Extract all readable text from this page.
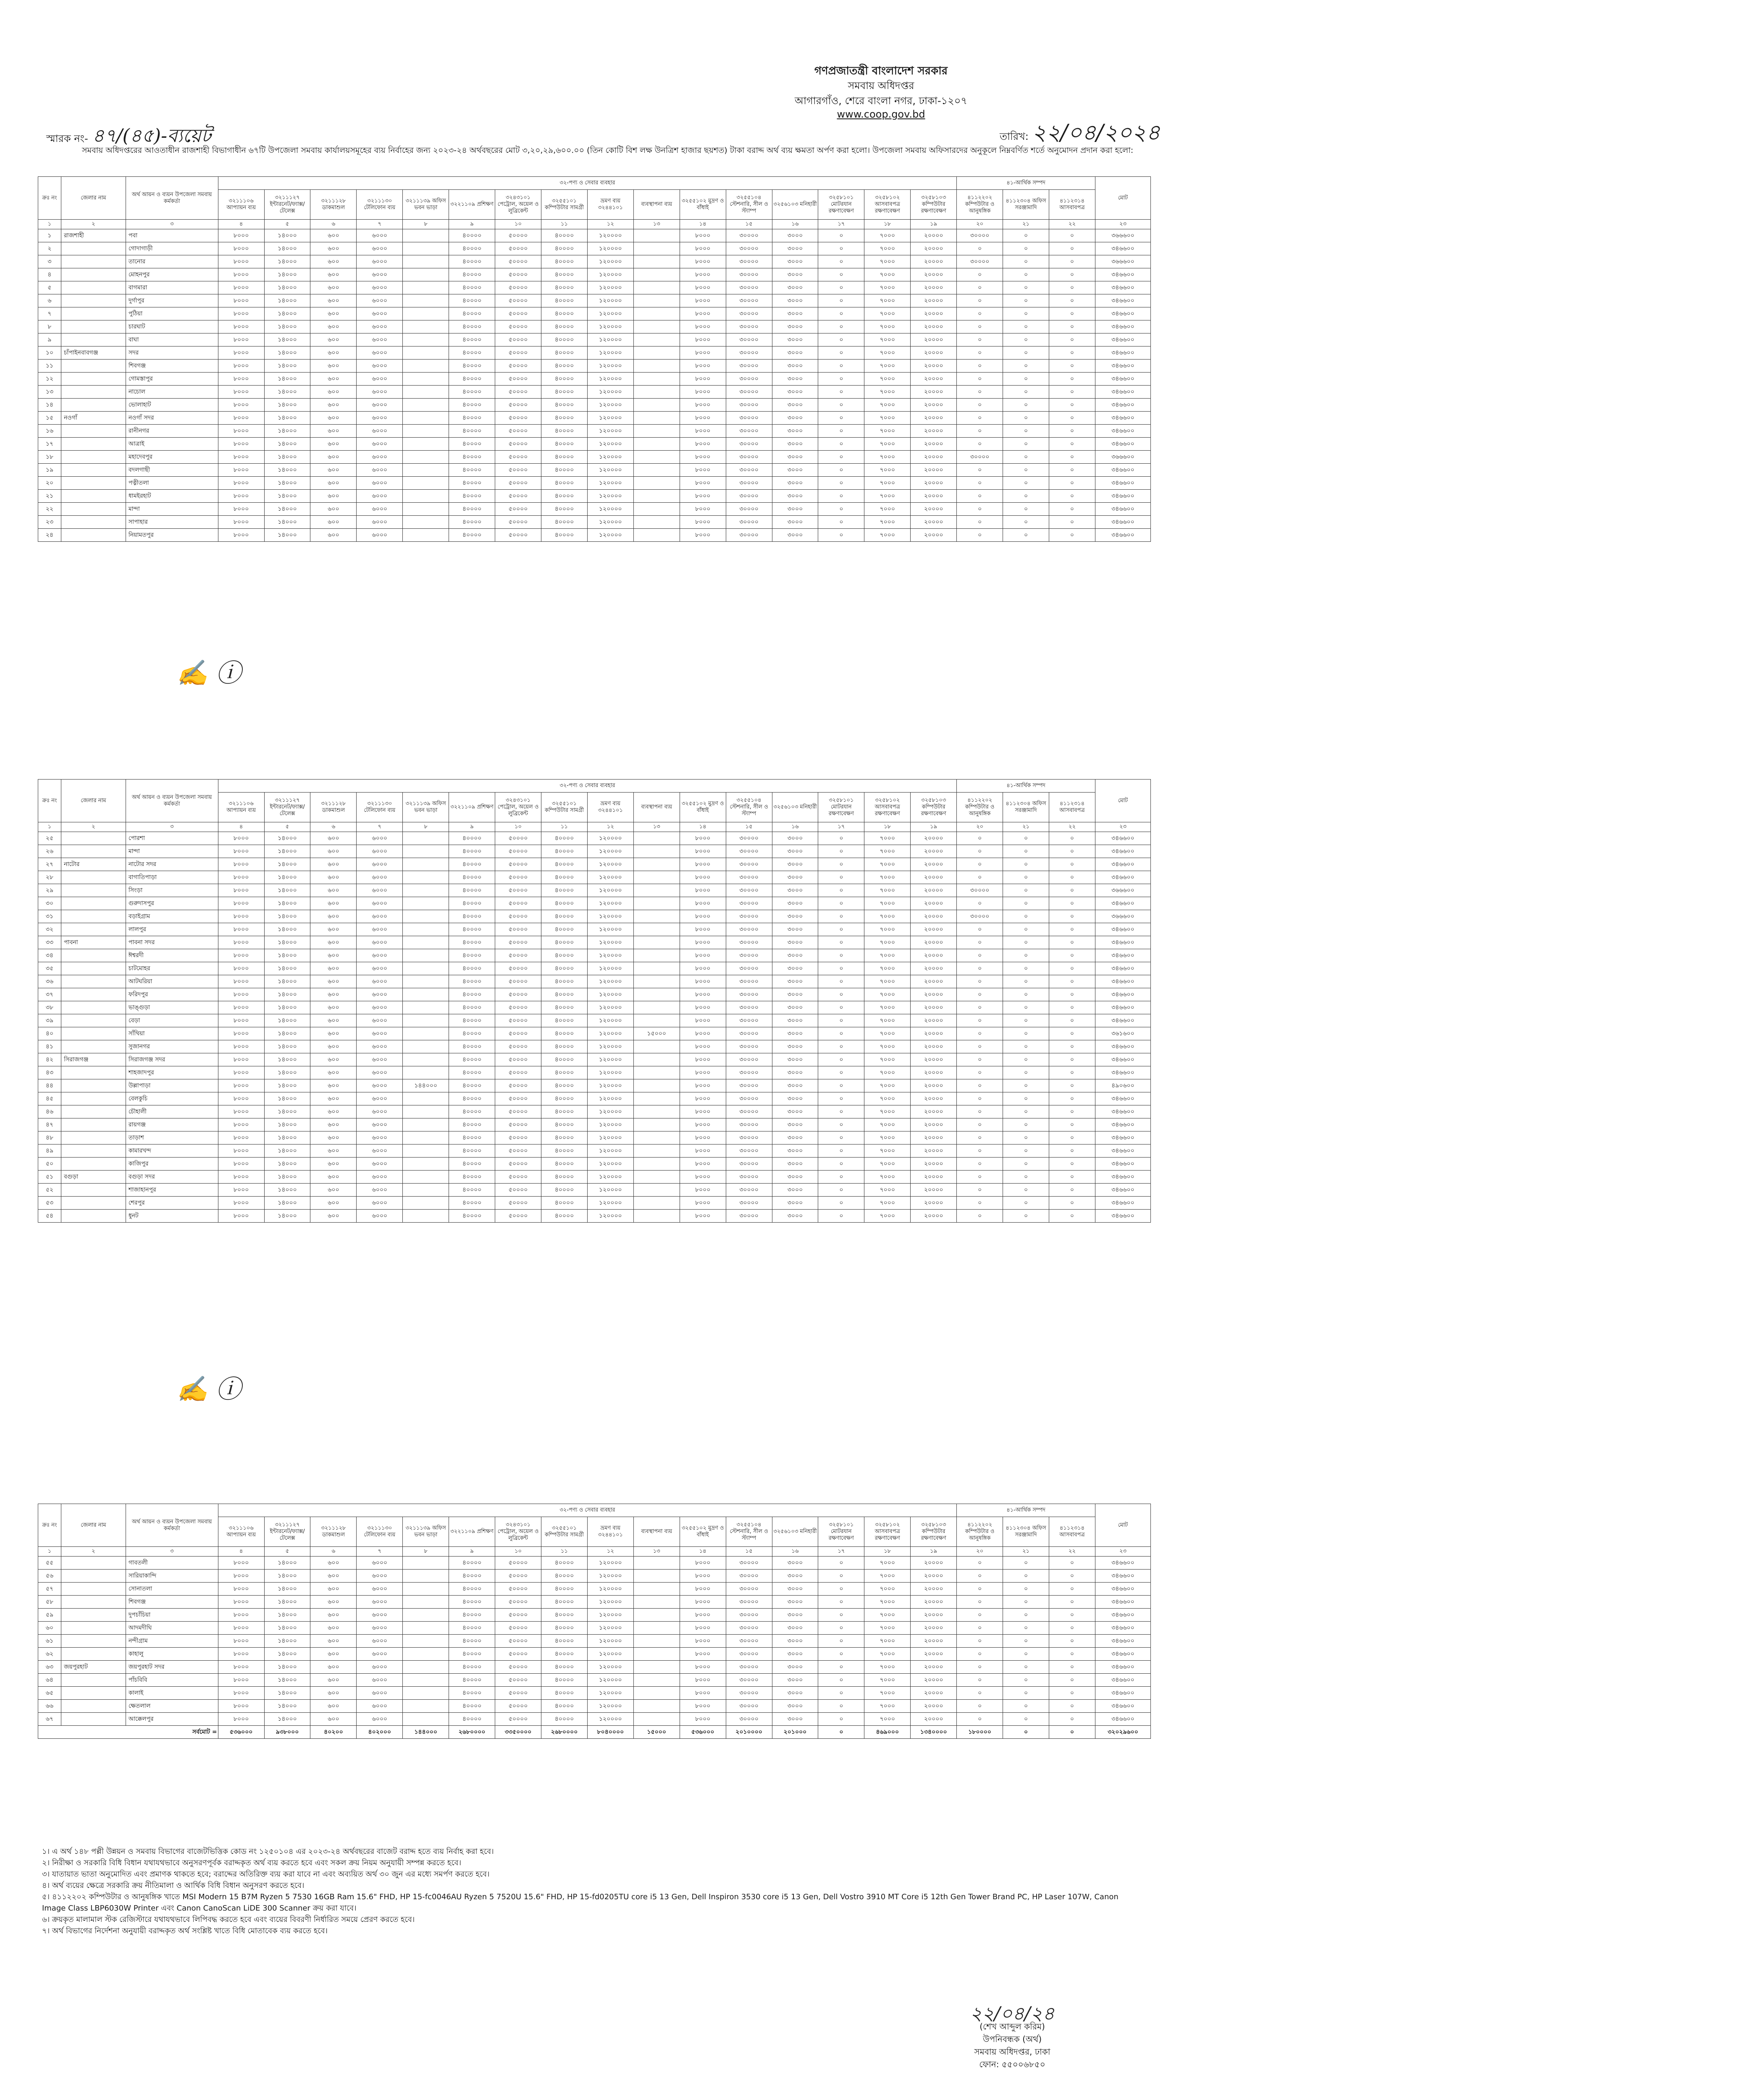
গণপ্রজাতন্ত্রী বাংলাদেশ সরকার
সমবায় অধিদপ্তর
আগারগাঁও, শেরে বাংলা নগর, ঢাকা-১২০৭
www.coop.gov.bd
স্মারক নং- ৪৭/(৪৫)-ব্যয়েট	তারিখ: ২২/০৪/২০২৪
সমবায় অধিদপ্তরের আওতাধীন রাজশাহী বিভাগাধীন ৬৭টি উপজেলা সমবায় কার্যালয়সমূহের ব্যয় নির্বাহের জন্য ২০২৩-২৪ অর্থবছরের মোট ৩,২০,২৯,৬০০.০০ (তিন কোটি বিশ লক্ষ উনত্রিশ হাজার ছয়শত) টাকা বরাদ্দ অর্থ ব্যয় ক্ষমতা অর্পণ করা হলো। উপজেলা সমবায় অফিসারদের অনুকূলে নিম্নবর্ণিত শর্তে অনুমোদন প্রদান করা হলো:
ক্রঃ নং	জেলার নাম	অর্থ আয়ন ও ব্যয়ন উপজেলা সমবায় কর্মকর্তা	৩২-পণ্য ও সেবার ব্যবহার																৪১-আর্থিক সম্পদ			মোট
			৩২১১১০৬ আপ্যায়ন ব্যয়	৩২১১১২৭ ইন্টারনেট/ফ্যাক্স/টেলেক্স	৩২১১১২৮ ডাকমাশুল	৩২১১১৩০ টেলিফোন ব্যয়	৩২১১১৩৯ অফিস ভবন ভাড়া	৩২২১১০৯ প্রশিক্ষণ	৩২৪৩১০১ পেট্রোল, অয়েল ও লুব্রিকেন্ট	৩২৫৫১০১ কম্পিউটার সামগ্রী	ভ্রমণ ব্যয় ৩২৪৪১০১	ব্যবস্থাপনা ব্যয়	৩২৫৫১০২ মুদ্রণ ও বাঁধাই	৩২৫৫১০৪ স্টেশনারি, সীল ও স্ট্যাম্প	৩২৫৬১০৩ মনিহারী	৩২৫৮১০১ মোটরযান রক্ষণাবেক্ষণ	৩২৫৮১০২ আসবাবপত্র রক্ষণাবেক্ষণ	৩২৫৮১০৩ কম্পিউটার রক্ষণাবেক্ষণ	৪১১২২০২ কম্পিউটার ও আনুষঙ্গিক	৪১১২৩০৪ অফিস সরঞ্জামাদি	৪১১২৩১৪ আসবাবপত্র	
১	২	৩	৪	৫	৬	৭	৮	৯	১০	১১	১২	১৩	১৪	১৫	১৬	১৭	১৮	১৯	২০	২১	২২	২৩
১	রাজশাহী	পবা	৮০০০	১৪০০০	৬০০	৬০০০		৪০০০০	৫০০০০	৪০০০০	১২০০০০		৮০০০	৩০০০০	৩০০০	০	৭০০০	২০০০০	৩০০০০	০	০	৩৬৬৬০০
২		গোদাগাড়ী	৮০০০	১৪০০০	৬০০	৬০০০		৪০০০০	৫০০০০	৪০০০০	১২০০০০		৮০০০	৩০০০০	৩০০০	০	৭০০০	২০০০০	০	০	০	৩৪৬৬০০
৩		তানোর	৮০০০	১৪০০০	৬০০	৬০০০		৪০০০০	৫০০০০	৪০০০০	১২০০০০		৮০০০	৩০০০০	৩০০০	০	৭০০০	২০০০০	৩০০০০	০	০	৩৬৬৬০০
৪		মোহনপুর	৮০০০	১৪০০০	৬০০	৬০০০		৪০০০০	৫০০০০	৪০০০০	১২০০০০		৮০০০	৩০০০০	৩০০০	০	৭০০০	২০০০০	০	০	০	৩৪৬৬০০
৫		বাগমারা	৮০০০	১৪০০০	৬০০	৬০০০		৪০০০০	৫০০০০	৪০০০০	১২০০০০		৮০০০	৩০০০০	৩০০০	০	৭০০০	২০০০০	০	০	০	৩৪৬৬০০
৬		দুর্গাপুর	৮০০০	১৪০০০	৬০০	৬০০০		৪০০০০	৫০০০০	৪০০০০	১২০০০০		৮০০০	৩০০০০	৩০০০	০	৭০০০	২০০০০	০	০	০	৩৪৬৬০০
৭		পুঠিয়া	৮০০০	১৪০০০	৬০০	৬০০০		৪০০০০	৫০০০০	৪০০০০	১২০০০০		৮০০০	৩০০০০	৩০০০	০	৭০০০	২০০০০	০	০	০	৩৪৬৬০০
৮		চারঘাট	৮০০০	১৪০০০	৬০০	৬০০০		৪০০০০	৫০০০০	৪০০০০	১২০০০০		৮০০০	৩০০০০	৩০০০	০	৭০০০	২০০০০	০	০	০	৩৪৬৬০০
৯		বাঘা	৮০০০	১৪০০০	৬০০	৬০০০		৪০০০০	৫০০০০	৪০০০০	১২০০০০		৮০০০	৩০০০০	৩০০০	০	৭০০০	২০০০০	০	০	০	৩৪৬৬০০
১০	চাঁপাইনবাবগঞ্জ	সদর	৮০০০	১৪০০০	৬০০	৬০০০		৪০০০০	৫০০০০	৪০০০০	১২০০০০		৮০০০	৩০০০০	৩০০০	০	৭০০০	২০০০০	০	০	০	৩৪৬৬০০
১১		শিবগঞ্জ	৮০০০	১৪০০০	৬০০	৬০০০		৪০০০০	৫০০০০	৪০০০০	১২০০০০		৮০০০	৩০০০০	৩০০০	০	৭০০০	২০০০০	০	০	০	৩৪৬৬০০
১২		গোমস্তাপুর	৮০০০	১৪০০০	৬০০	৬০০০		৪০০০০	৫০০০০	৪০০০০	১২০০০০		৮০০০	৩০০০০	৩০০০	০	৭০০০	২০০০০	০	০	০	৩৪৬৬০০
১৩		নাচোল	৮০০০	১৪০০০	৬০০	৬০০০		৪০০০০	৫০০০০	৪০০০০	১২০০০০		৮০০০	৩০০০০	৩০০০	০	৭০০০	২০০০০	০	০	০	৩৪৬৬০০
১৪		ভোলাহাট	৮০০০	১৪০০০	৬০০	৬০০০		৪০০০০	৫০০০০	৪০০০০	১২০০০০		৮০০০	৩০০০০	৩০০০	০	৭০০০	২০০০০	০	০	০	৩৪৬৬০০
১৫	নওগাঁ	নওগাঁ সদর	৮০০০	১৪০০০	৬০০	৬০০০		৪০০০০	৫০০০০	৪০০০০	১২০০০০		৮০০০	৩০০০০	৩০০০	০	৭০০০	২০০০০	০	০	০	৩৪৬৬০০
১৬		রানীনগর	৮০০০	১৪০০০	৬০০	৬০০০		৪০০০০	৫০০০০	৪০০০০	১২০০০০		৮০০০	৩০০০০	৩০০০	০	৭০০০	২০০০০	০	০	০	৩৪৬৬০০
১৭		আত্রাই	৮০০০	১৪০০০	৬০০	৬০০০		৪০০০০	৫০০০০	৪০০০০	১২০০০০		৮০০০	৩০০০০	৩০০০	০	৭০০০	২০০০০	০	০	০	৩৪৬৬০০
১৮		মহাদেবপুর	৮০০০	১৪০০০	৬০০	৬০০০		৪০০০০	৫০০০০	৪০০০০	১২০০০০		৮০০০	৩০০০০	৩০০০	০	৭০০০	২০০০০	৩০০০০	০	০	৩৬৬৬০০
১৯		বদলগাছী	৮০০০	১৪০০০	৬০০	৬০০০		৪০০০০	৫০০০০	৪০০০০	১২০০০০		৮০০০	৩০০০০	৩০০০	০	৭০০০	২০০০০	০	০	০	৩৪৬৬০০
২০		পত্নীতলা	৮০০০	১৪০০০	৬০০	৬০০০		৪০০০০	৫০০০০	৪০০০০	১২০০০০		৮০০০	৩০০০০	৩০০০	০	৭০০০	২০০০০	০	০	০	৩৪৬৬০০
২১		ধামইরহাট	৮০০০	১৪০০০	৬০০	৬০০০		৪০০০০	৫০০০০	৪০০০০	১২০০০০		৮০০০	৩০০০০	৩০০০	০	৭০০০	২০০০০	০	০	০	৩৪৬৬০০
২২		মান্দা	৮০০০	১৪০০০	৬০০	৬০০০		৪০০০০	৫০০০০	৪০০০০	১২০০০০		৮০০০	৩০০০০	৩০০০	০	৭০০০	২০০০০	০	০	০	৩৪৬৬০০
২৩		সাপাহার	৮০০০	১৪০০০	৬০০	৬০০০		৪০০০০	৫০০০০	৪০০০০	১২০০০০		৮০০০	৩০০০০	৩০০০	০	৭০০০	২০০০০	০	০	০	৩৪৬৬০০
২৪		নিয়ামতপুর	৮০০০	১৪০০০	৬০০	৬০০০		৪০০০০	৫০০০০	৪০০০০	১২০০০০		৮০০০	৩০০০০	৩০০০	০	৭০০০	২০০০০	০	০	০	৩৪৬৬০০
✍ ⓘ
ক্রঃ নং	জেলার নাম	অর্থ আয়ন ও ব্যয়ন উপজেলা সমবায় কর্মকর্তা	৩২-পণ্য ও সেবার ব্যবহার																৪১-আর্থিক সম্পদ			মোট
			৩২১১১০৬ আপ্যায়ন ব্যয়	৩২১১১২৭ ইন্টারনেট/ফ্যাক্স/টেলেক্স	৩২১১১২৮ ডাকমাশুল	৩২১১১৩০ টেলিফোন ব্যয়	৩২১১১৩৯ অফিস ভবন ভাড়া	৩২২১১০৯ প্রশিক্ষণ	৩২৪৩১০১ পেট্রোল, অয়েল ও লুব্রিকেন্ট	৩২৫৫১০১ কম্পিউটার সামগ্রী	ভ্রমণ ব্যয় ৩২৪৪১০১	ব্যবস্থাপনা ব্যয়	৩২৫৫১০২ মুদ্রণ ও বাঁধাই	৩২৫৫১০৪ স্টেশনারি, সীল ও স্ট্যাম্প	৩২৫৬১০৩ মনিহারী	৩২৫৮১০১ মোটরযান রক্ষণাবেক্ষণ	৩২৫৮১০২ আসবাবপত্র রক্ষণাবেক্ষণ	৩২৫৮১০৩ কম্পিউটার রক্ষণাবেক্ষণ	৪১১২২০২ কম্পিউটার ও আনুষঙ্গিক	৪১১২৩০৪ অফিস সরঞ্জামাদি	৪১১২৩১৪ আসবাবপত্র	
১	২	৩	৪	৫	৬	৭	৮	৯	১০	১১	১২	১৩	১৪	১৫	১৬	১৭	১৮	১৯	২০	২১	২২	২৩
২৫		পোরশা	৮০০০	১৪০০০	৬০০	৬০০০		৪০০০০	৫০০০০	৪০০০০	১২০০০০		৮০০০	৩০০০০	৩০০০	০	৭০০০	২০০০০	০	০	০	৩৪৬৬০০
২৬		মান্দা	৮০০০	১৪০০০	৬০০	৬০০০		৪০০০০	৫০০০০	৪০০০০	১২০০০০		৮০০০	৩০০০০	৩০০০	০	৭০০০	২০০০০	০	০	০	৩৪৬৬০০
২৭	নাটোর	নাটোর সদর	৮০০০	১৪০০০	৬০০	৬০০০		৪০০০০	৫০০০০	৪০০০০	১২০০০০		৮০০০	৩০০০০	৩০০০	০	৭০০০	২০০০০	০	০	০	৩৪৬৬০০
২৮		বাগাতিপাড়া	৮০০০	১৪০০০	৬০০	৬০০০		৪০০০০	৫০০০০	৪০০০০	১২০০০০		৮০০০	৩০০০০	৩০০০	০	৭০০০	২০০০০	০	০	০	৩৪৬৬০০
২৯		সিংড়া	৮০০০	১৪০০০	৬০০	৬০০০		৪০০০০	৫০০০০	৪০০০০	১২০০০০		৮০০০	৩০০০০	৩০০০	০	৭০০০	২০০০০	৩০০০০	০	০	৩৬৬৬০০
৩০		গুরুদাসপুর	৮০০০	১৪০০০	৬০০	৬০০০		৪০০০০	৫০০০০	৪০০০০	১২০০০০		৮০০০	৩০০০০	৩০০০	০	৭০০০	২০০০০	০	০	০	৩৪৬৬০০
৩১		বড়াইগ্রাম	৮০০০	১৪০০০	৬০০	৬০০০		৪০০০০	৫০০০০	৪০০০০	১২০০০০		৮০০০	৩০০০০	৩০০০	০	৭০০০	২০০০০	৩০০০০	০	০	৩৬৬৬০০
৩২		লালপুর	৮০০০	১৪০০০	৬০০	৬০০০		৪০০০০	৫০০০০	৪০০০০	১২০০০০		৮০০০	৩০০০০	৩০০০	০	৭০০০	২০০০০	০	০	০	৩৪৬৬০০
৩৩	পাবনা	পাবনা সদর	৮০০০	১৪০০০	৬০০	৬০০০		৪০০০০	৫০০০০	৪০০০০	১২০০০০		৮০০০	৩০০০০	৩০০০	০	৭০০০	২০০০০	০	০	০	৩৪৬৬০০
৩৪		ঈশ্বরদী	৮০০০	১৪০০০	৬০০	৬০০০		৪০০০০	৫০০০০	৪০০০০	১২০০০০		৮০০০	৩০০০০	৩০০০	০	৭০০০	২০০০০	০	০	০	৩৪৬৬০০
৩৫		চাটমোহর	৮০০০	১৪০০০	৬০০	৬০০০		৪০০০০	৫০০০০	৪০০০০	১২০০০০		৮০০০	৩০০০০	৩০০০	০	৭০০০	২০০০০	০	০	০	৩৪৬৬০০
৩৬		আটঘরিয়া	৮০০০	১৪০০০	৬০০	৬০০০		৪০০০০	৫০০০০	৪০০০০	১২০০০০		৮০০০	৩০০০০	৩০০০	০	৭০০০	২০০০০	০	০	০	৩৪৬৬০০
৩৭		ফরিদপুর	৮০০০	১৪০০০	৬০০	৬০০০		৪০০০০	৫০০০০	৪০০০০	১২০০০০		৮০০০	৩০০০০	৩০০০	০	৭০০০	২০০০০	০	০	০	৩৪৬৬০০
৩৮		ভাঙ্গুড়া	৮০০০	১৪০০০	৬০০	৬০০০		৪০০০০	৫০০০০	৪০০০০	১২০০০০		৮০০০	৩০০০০	৩০০০	০	৭০০০	২০০০০	০	০	০	৩৪৬৬০০
৩৯		বেড়া	৮০০০	১৪০০০	৬০০	৬০০০		৪০০০০	৫০০০০	৪০০০০	১২০০০০		৮০০০	৩০০০০	৩০০০	০	৭০০০	২০০০০	০	০	০	৩৪৬৬০০
৪০		সাঁথিয়া	৮০০০	১৪০০০	৬০০	৬০০০		৪০০০০	৫০০০০	৪০০০০	১২০০০০	১৫০০০	৮০০০	৩০০০০	৩০০০	০	৭০০০	২০০০০	০	০	০	৩৬১৬০০
৪১		সুজানগর	৮০০০	১৪০০০	৬০০	৬০০০		৪০০০০	৫০০০০	৪০০০০	১২০০০০		৮০০০	৩০০০০	৩০০০	০	৭০০০	২০০০০	০	০	০	৩৪৬৬০০
৪২	সিরাজগঞ্জ	সিরাজগঞ্জ সদর	৮০০০	১৪০০০	৬০০	৬০০০		৪০০০০	৫০০০০	৪০০০০	১২০০০০		৮০০০	৩০০০০	৩০০০	০	৭০০০	২০০০০	০	০	০	৩৪৬৬০০
৪৩		শাহজাদপুর	৮০০০	১৪০০০	৬০০	৬০০০		৪০০০০	৫০০০০	৪০০০০	১২০০০০		৮০০০	৩০০০০	৩০০০	০	৭০০০	২০০০০	০	০	০	৩৪৬৬০০
৪৪		উল্লাপাড়া	৮০০০	১৪০০০	৬০০	৬০০০	১৪৪০০০	৪০০০০	৫০০০০	৪০০০০	১২০০০০		৮০০০	৩০০০০	৩০০০	০	৭০০০	২০০০০	০	০	০	৪৯০৬০০
৪৫		বেলকুচি	৮০০০	১৪০০০	৬০০	৬০০০		৪০০০০	৫০০০০	৪০০০০	১২০০০০		৮০০০	৩০০০০	৩০০০	০	৭০০০	২০০০০	০	০	০	৩৪৬৬০০
৪৬		চৌহালী	৮০০০	১৪০০০	৬০০	৬০০০		৪০০০০	৫০০০০	৪০০০০	১২০০০০		৮০০০	৩০০০০	৩০০০	০	৭০০০	২০০০০	০	০	০	৩৪৬৬০০
৪৭		রায়গঞ্জ	৮০০০	১৪০০০	৬০০	৬০০০		৪০০০০	৫০০০০	৪০০০০	১২০০০০		৮০০০	৩০০০০	৩০০০	০	৭০০০	২০০০০	০	০	০	৩৪৬৬০০
৪৮		তাড়াশ	৮০০০	১৪০০০	৬০০	৬০০০		৪০০০০	৫০০০০	৪০০০০	১২০০০০		৮০০০	৩০০০০	৩০০০	০	৭০০০	২০০০০	০	০	০	৩৪৬৬০০
৪৯		কামারখন্দ	৮০০০	১৪০০০	৬০০	৬০০০		৪০০০০	৫০০০০	৪০০০০	১২০০০০		৮০০০	৩০০০০	৩০০০	০	৭০০০	২০০০০	০	০	০	৩৪৬৬০০
৫০		কাজিপুর	৮০০০	১৪০০০	৬০০	৬০০০		৪০০০০	৫০০০০	৪০০০০	১২০০০০		৮০০০	৩০০০০	৩০০০	০	৭০০০	২০০০০	০	০	০	৩৪৬৬০০
৫১	বগুড়া	বগুড়া সদর	৮০০০	১৪০০০	৬০০	৬০০০		৪০০০০	৫০০০০	৪০০০০	১২০০০০		৮০০০	৩০০০০	৩০০০	০	৭০০০	২০০০০	০	০	০	৩৪৬৬০০
৫২		শাজাহানপুর	৮০০০	১৪০০০	৬০০	৬০০০		৪০০০০	৫০০০০	৪০০০০	১২০০০০		৮০০০	৩০০০০	৩০০০	০	৭০০০	২০০০০	০	০	০	৩৪৬৬০০
৫৩		শেরপুর	৮০০০	১৪০০০	৬০০	৬০০০		৪০০০০	৫০০০০	৪০০০০	১২০০০০		৮০০০	৩০০০০	৩০০০	০	৭০০০	২০০০০	০	০	০	৩৪৬৬০০
৫৪		ধুনট	৮০০০	১৪০০০	৬০০	৬০০০		৪০০০০	৫০০০০	৪০০০০	১২০০০০		৮০০০	৩০০০০	৩০০০	০	৭০০০	২০০০০	০	০	০	৩৪৬৬০০
✍ ⓘ
ক্রঃ নং	জেলার নাম	অর্থ আয়ন ও ব্যয়ন উপজেলা সমবায় কর্মকর্তা	৩২-পণ্য ও সেবার ব্যবহার																৪১-আর্থিক সম্পদ			মোট
			৩২১১১০৬ আপ্যায়ন ব্যয়	৩২১১১২৭ ইন্টারনেট/ফ্যাক্স/টেলেক্স	৩২১১১২৮ ডাকমাশুল	৩২১১১৩০ টেলিফোন ব্যয়	৩২১১১৩৯ অফিস ভবন ভাড়া	৩২২১১০৯ প্রশিক্ষণ	৩২৪৩১০১ পেট্রোল, অয়েল ও লুব্রিকেন্ট	৩২৫৫১০১ কম্পিউটার সামগ্রী	ভ্রমণ ব্যয় ৩২৪৪১০১	ব্যবস্থাপনা ব্যয়	৩২৫৫১০২ মুদ্রণ ও বাঁধাই	৩২৫৫১০৪ স্টেশনারি, সীল ও স্ট্যাম্প	৩২৫৬১০৩ মনিহারী	৩২৫৮১০১ মোটরযান রক্ষণাবেক্ষণ	৩২৫৮১০২ আসবাবপত্র রক্ষণাবেক্ষণ	৩২৫৮১০৩ কম্পিউটার রক্ষণাবেক্ষণ	৪১১২২০২ কম্পিউটার ও আনুষঙ্গিক	৪১১২৩০৪ অফিস সরঞ্জামাদি	৪১১২৩১৪ আসবাবপত্র	
১	২	৩	৪	৫	৬	৭	৮	৯	১০	১১	১২	১৩	১৪	১৫	১৬	১৭	১৮	১৯	২০	২১	২২	২৩
৫৫		গাবতলী	৮০০০	১৪০০০	৬০০	৬০০০		৪০০০০	৫০০০০	৪০০০০	১২০০০০		৮০০০	৩০০০০	৩০০০	০	৭০০০	২০০০০	০	০	০	৩৪৬৬০০
৫৬		সারিয়াকান্দি	৮০০০	১৪০০০	৬০০	৬০০০		৪০০০০	৫০০০০	৪০০০০	১২০০০০		৮০০০	৩০০০০	৩০০০	০	৭০০০	২০০০০	০	০	০	৩৪৬৬০০
৫৭		সোনাতলা	৮০০০	১৪০০০	৬০০	৬০০০		৪০০০০	৫০০০০	৪০০০০	১২০০০০		৮০০০	৩০০০০	৩০০০	০	৭০০০	২০০০০	০	০	০	৩৪৬৬০০
৫৮		শিবগঞ্জ	৮০০০	১৪০০০	৬০০	৬০০০		৪০০০০	৫০০০০	৪০০০০	১২০০০০		৮০০০	৩০০০০	৩০০০	০	৭০০০	২০০০০	০	০	০	৩৪৬৬০০
৫৯		দুপচাঁচিয়া	৮০০০	১৪০০০	৬০০	৬০০০		৪০০০০	৫০০০০	৪০০০০	১২০০০০		৮০০০	৩০০০০	৩০০০	০	৭০০০	২০০০০	০	০	০	৩৪৬৬০০
৬০		আদমদীঘি	৮০০০	১৪০০০	৬০০	৬০০০		৪০০০০	৫০০০০	৪০০০০	১২০০০০		৮০০০	৩০০০০	৩০০০	০	৭০০০	২০০০০	০	০	০	৩৪৬৬০০
৬১		নন্দীগ্রাম	৮০০০	১৪০০০	৬০০	৬০০০		৪০০০০	৫০০০০	৪০০০০	১২০০০০		৮০০০	৩০০০০	৩০০০	০	৭০০০	২০০০০	০	০	০	৩৪৬৬০০
৬২		কাহালু	৮০০০	১৪০০০	৬০০	৬০০০		৪০০০০	৫০০০০	৪০০০০	১২০০০০		৮০০০	৩০০০০	৩০০০	০	৭০০০	২০০০০	০	০	০	৩৪৬৬০০
৬৩	জয়পুরহাট	জয়পুরহাট সদর	৮০০০	১৪০০০	৬০০	৬০০০		৪০০০০	৫০০০০	৪০০০০	১২০০০০		৮০০০	৩০০০০	৩০০০	০	৭০০০	২০০০০	০	০	০	৩৪৬৬০০
৬৪		পাঁচবিবি	৮০০০	১৪০০০	৬০০	৬০০০		৪০০০০	৫০০০০	৪০০০০	১২০০০০		৮০০০	৩০০০০	৩০০০	০	৭০০০	২০০০০	০	০	০	৩৪৬৬০০
৬৫		কালাই	৮০০০	১৪০০০	৬০০	৬০০০		৪০০০০	৫০০০০	৪০০০০	১২০০০০		৮০০০	৩০০০০	৩০০০	০	৭০০০	২০০০০	০	০	০	৩৪৬৬০০
৬৬		ক্ষেতলাল	৮০০০	১৪০০০	৬০০	৬০০০		৪০০০০	৫০০০০	৪০০০০	১২০০০০		৮০০০	৩০০০০	৩০০০	০	৭০০০	২০০০০	০	০	০	৩৪৬৬০০
৬৭		আক্কেলপুর	৮০০০	১৪০০০	৬০০	৬০০০		৪০০০০	৫০০০০	৪০০০০	১২০০০০		৮০০০	৩০০০০	৩০০০	০	৭০০০	২০০০০	০	০	০	৩৪৬৬০০
সর্বমোট =			৫৩৬০০০	৯৩৮০০০	৪০২০০	৪০২০০০	১৪৪০০০	২৬৮০০০০	৩৩৫০০০০	২৬৮০০০০	৮০৪০০০০	১৫০০০	৫৩৬০০০	২০১০০০০	২০১০০০	০	৪৬৯০০০	১৩৪০০০০	১৮০০০০	০	০	৩২০২৯৬০০

১। এ অর্থ ১৪৮ পল্লী উন্নয়ন ও সমবায় বিভাগের বাজেটভিত্তিক কোড নং ১২৫০১০৪ এর ২০২৩-২৪ অর্থবছরের বাজেট বরাদ্দ হতে ব্যয় নির্বাহ করা হবে।

২। নিরীক্ষা ও সরকারি বিধি বিধান যথাযথভাবে অনুসরণপূর্বক বরাদ্দকৃত অর্থ ব্যয় করতে হবে এবং সকল ক্রয় নিয়ম অনুযায়ী সম্পন্ন করতে হবে।

৩। যাতায়াত ভাতা অনুমোদিত এবং প্রমাণক থাকতে হবে; বরাদ্দের অতিরিক্ত ব্যয় করা যাবে না এবং অব্যয়িত অর্থ ৩০ জুন এর মধ্যে সমর্পণ করতে হবে।

৪। অর্থ ব্যয়ের ক্ষেত্রে সরকারি ক্রয় নীতিমালা ও আর্থিক বিধি বিধান অনুসরণ করতে হবে।

৫। ৪১১২২০২ কম্পিউটার ও আনুষঙ্গিক খাতে MSI Modern 15 B7M Ryzen 5 7530 16GB Ram 15.6" FHD, HP 15-fc0046AU Ryzen 5 7520U 15.6" FHD, HP 15-fd0205TU core i5 13 Gen, Dell Inspiron 3530 core i5 13 Gen, Dell Vostro 3910 MT Core i5 12th Gen Tower Brand PC, HP Laser 107W, Canon Image Class LBP6030W Printer এবং Canon CanoScan LiDE 300 Scanner ক্রয় করা যাবে।

৬। ক্রয়কৃত মালামাল স্টক রেজিস্টারে যথাযথভাবে লিপিবদ্ধ করতে হবে এবং ব্যয়ের বিবরণী নির্ধারিত সময়ে প্রেরণ করতে হবে।

৭। অর্থ বিভাগের নির্দেশনা অনুযায়ী বরাদ্দকৃত অর্থ সংশ্লিষ্ট খাতে বিধি মোতাবেক ব্যয় করতে হবে।

২২/০৪/২৪
(শেখ আব্দুল করিম)
উপনিবন্ধক (অর্থ)
সমবায় অধিদপ্তর, ঢাকা
ফোন: ৫৫০০৬৮৫০
